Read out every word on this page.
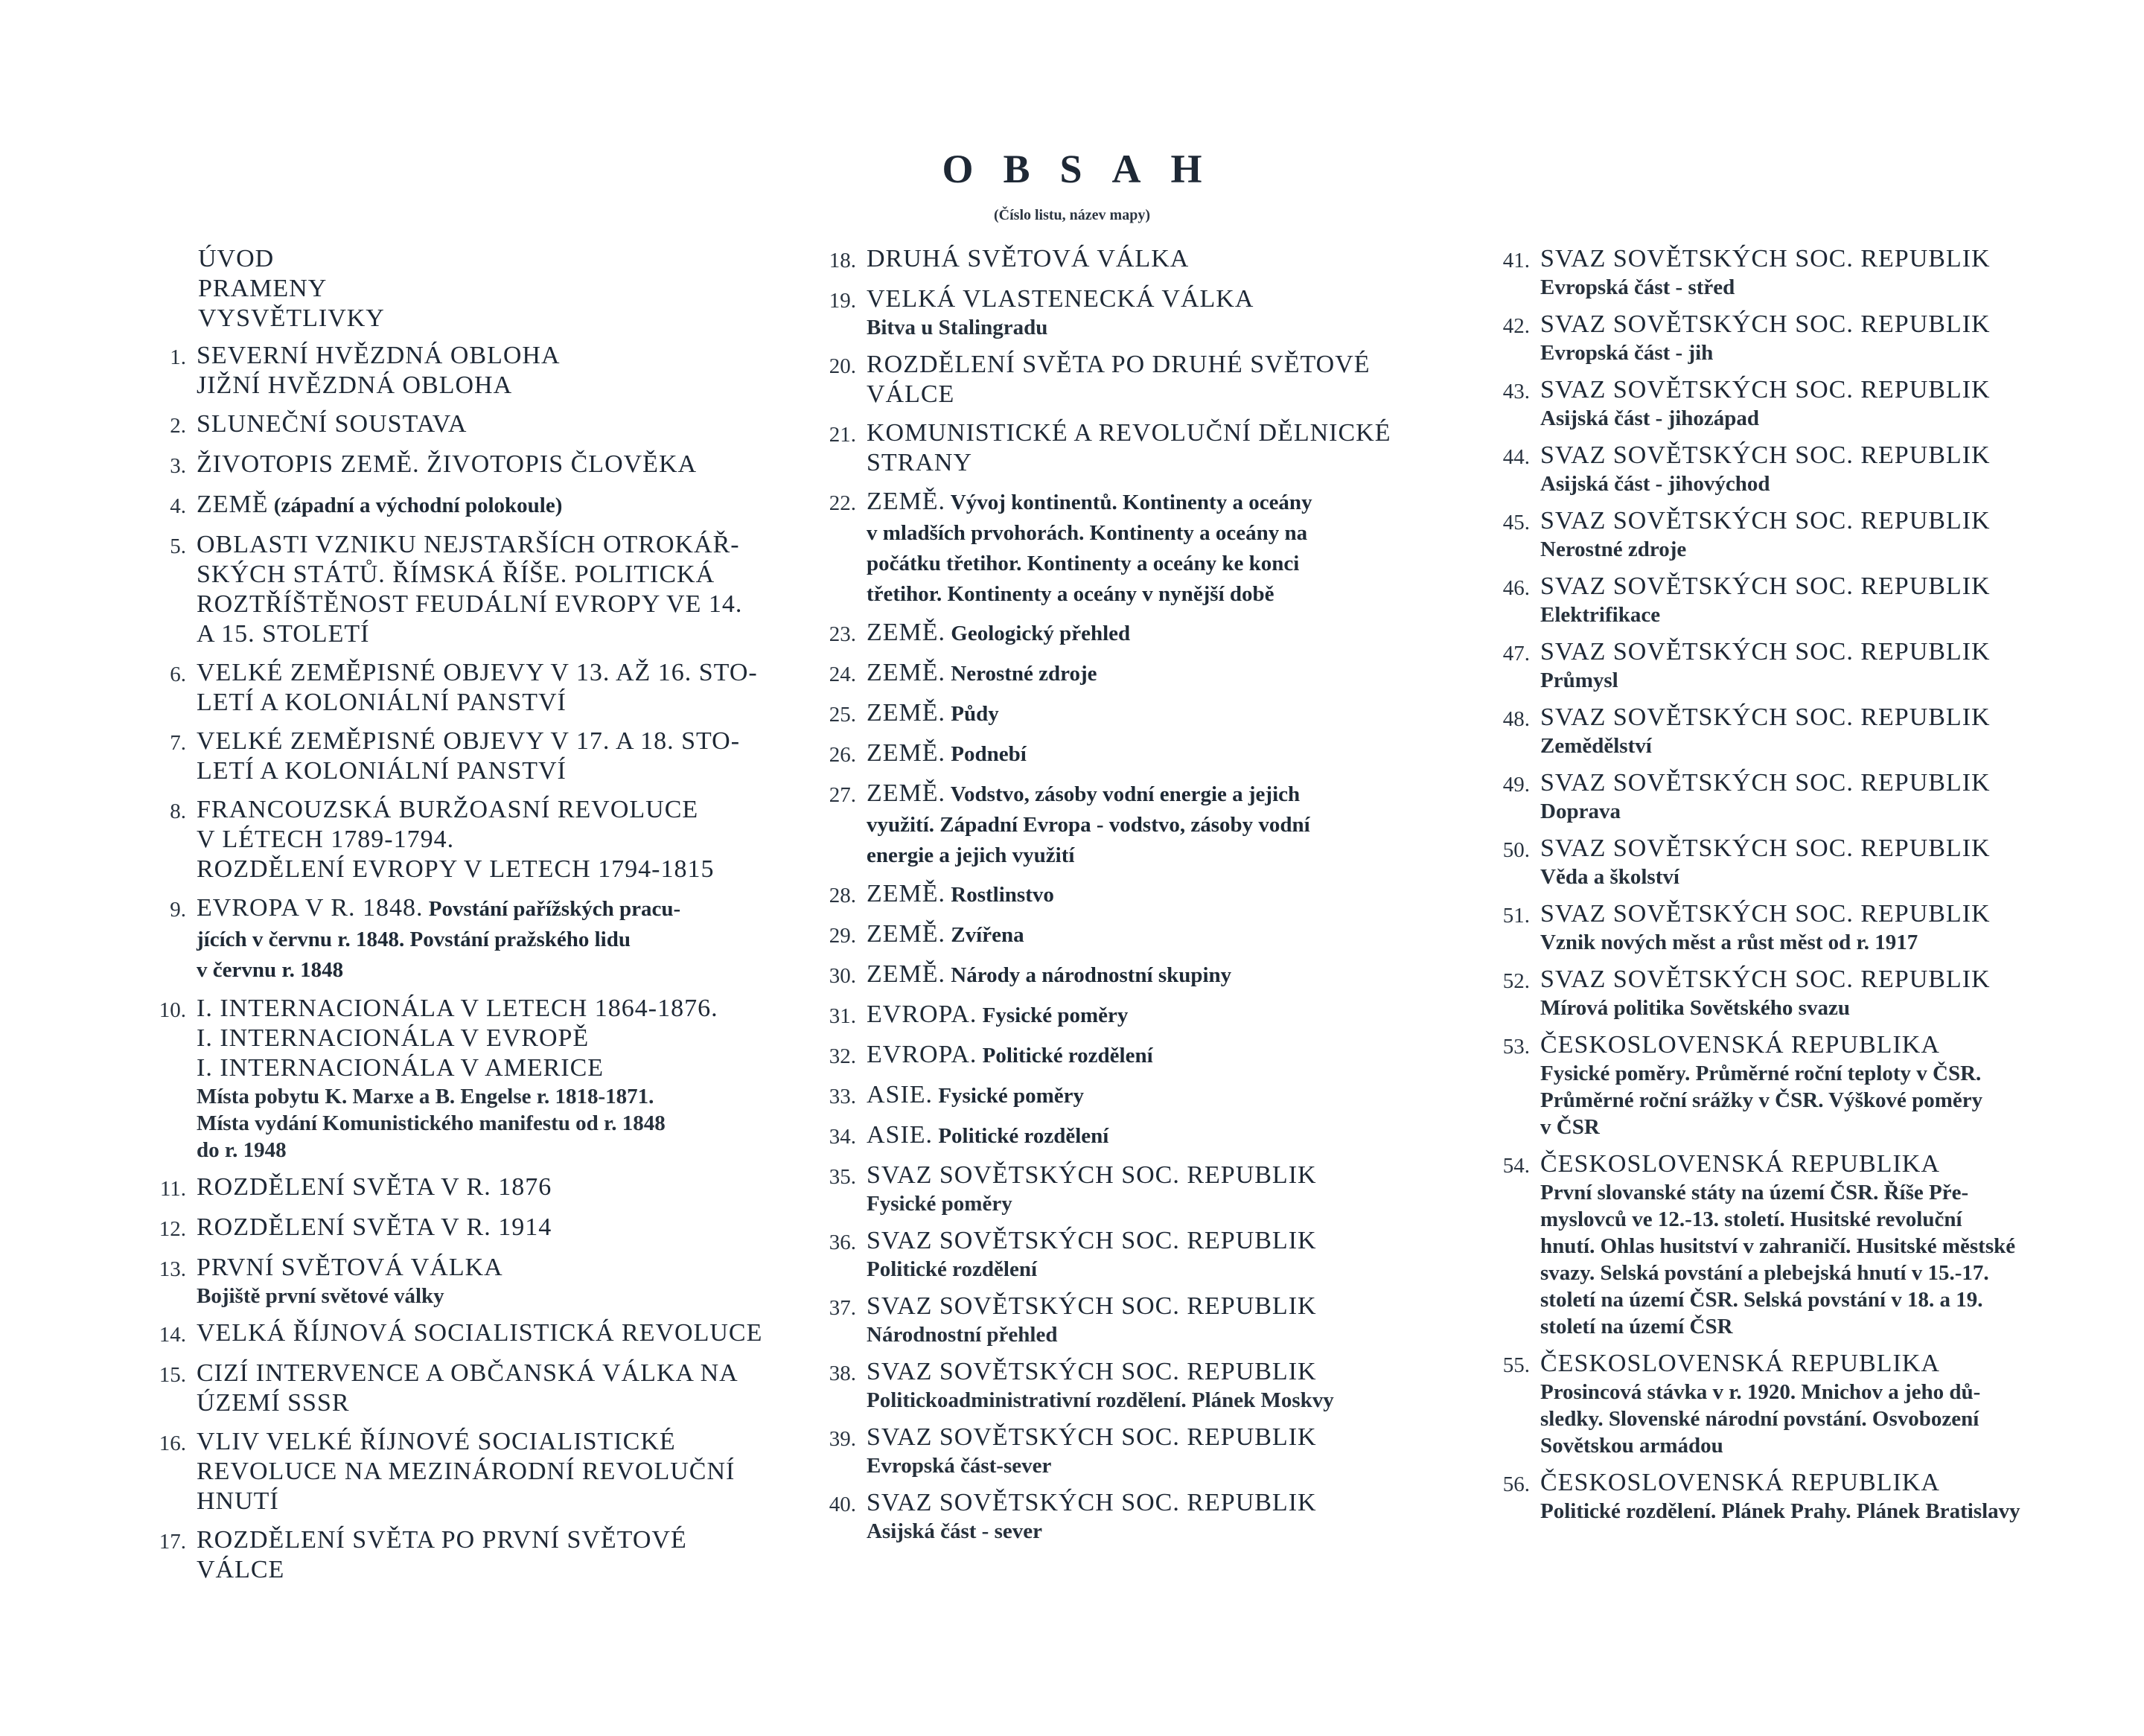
OBSAH
(Číslo listu, název mapy)
ÚVOD
PRAMENY
VYSVĚTLIVKY
1. SEVERNÍ HVĚZDNÁ OBLOHA
JIŽNÍ HVĚZDNÁ OBLOHA
2. SLUNEČNÍ SOUSTAVA
3. ŽIVOTOPIS ZEMĚ. ŽIVOTOPIS ČLOVĚKA
4. ZEMĚ (západní a východní polokoule)
5. OBLASTI VZNIKU NEJSTARŠÍCH OTROKÁŘ-
SKÝCH STÁTŮ. ŘÍMSKÁ ŘÍŠE. POLITICKÁ
ROZTŘÍŠTĚNOST FEUDÁLNÍ EVROPY VE 14.
A 15. STOLETÍ
6. VELKÉ ZEMĚPISNÉ OBJEVY V 13. AŽ 16. STO-
LETÍ A KOLONIÁLNÍ PANSTVÍ
7. VELKÉ ZEMĚPISNÉ OBJEVY V 17. A 18. STO-
LETÍ A KOLONIÁLNÍ PANSTVÍ
8. FRANCOUZSKÁ BURŽOASNÍ REVOLUCE
V LÉTECH 1789-1794.
ROZDĚLENÍ EVROPY V LETECH 1794-1815
9. EVROPA V R. 1848. Povstání pařížských pracu-
jících v červnu r. 1848. Povstání pražského lidu
v červnu r. 1848
10. I. INTERNACIONÁLA V LETECH 1864-1876.
I. INTERNACIONÁLA V EVROPĚ
I. INTERNACIONÁLA V AMERICE
Místa pobytu K. Marxe a B. Engelse r. 1818-1871.
Místa vydání Komunistického manifestu od r. 1848
do r. 1948
11. ROZDĚLENÍ SVĚTA V R. 1876
12. ROZDĚLENÍ SVĚTA V R. 1914
13. PRVNÍ SVĚTOVÁ VÁLKA
Bojiště první světové války
14. VELKÁ ŘÍJNOVÁ SOCIALISTICKÁ REVOLUCE
15. CIZÍ INTERVENCE A OBČANSKÁ VÁLKA NA
ÚZEMÍ SSSR
16. VLIV VELKÉ ŘÍJNOVÉ SOCIALISTICKÉ
REVOLUCE NA MEZINÁRODNÍ REVOLUČNÍ
HNUTÍ
17. ROZDĚLENÍ SVĚTA PO PRVNÍ SVĚTOVÉ
VÁLCE
18. DRUHÁ SVĚTOVÁ VÁLKA
19. VELKÁ VLASTENECKÁ VÁLKA
Bitva u Stalingradu
20. ROZDĚLENÍ SVĚTA PO DRUHÉ SVĚTOVÉ
VÁLCE
21. KOMUNISTICKÉ A REVOLUČNÍ DĚLNICKÉ
STRANY
22. ZEMĚ. Vývoj kontinentů. Kontinenty a oceány
v mladších prvohorách. Kontinenty a oceány na
počátku třetihor. Kontinenty a oceány ke konci
třetihor. Kontinenty a oceány v nynější době
23. ZEMĚ. Geologický přehled
24. ZEMĚ. Nerostné zdroje
25. ZEMĚ. Půdy
26. ZEMĚ. Podnebí
27. ZEMĚ. Vodstvo, zásoby vodní energie a jejich
využití. Západní Evropa - vodstvo, zásoby vodní
energie a jejich využití
28. ZEMĚ. Rostlinstvo
29. ZEMĚ. Zvířena
30. ZEMĚ. Národy a národnostní skupiny
31. EVROPA. Fysické poměry
32. EVROPA. Politické rozdělení
33. ASIE. Fysické poměry
34. ASIE. Politické rozdělení
35. SVAZ SOVĚTSKÝCH SOC. REPUBLIK
Fysické poměry
36. SVAZ SOVĚTSKÝCH SOC. REPUBLIK
Politické rozdělení
37. SVAZ SOVĚTSKÝCH SOC. REPUBLIK
Národnostní přehled
38. SVAZ SOVĚTSKÝCH SOC. REPUBLIK
Politickoadministrativní rozdělení. Plánek Moskvy
39. SVAZ SOVĚTSKÝCH SOC. REPUBLIK
Evropská část-sever
40. SVAZ SOVĚTSKÝCH SOC. REPUBLIK
Asijská část - sever
41. SVAZ SOVĚTSKÝCH SOC. REPUBLIK
Evropská část - střed
42. SVAZ SOVĚTSKÝCH SOC. REPUBLIK
Evropská část - jih
43. SVAZ SOVĚTSKÝCH SOC. REPUBLIK
Asijská část - jihozápad
44. SVAZ SOVĚTSKÝCH SOC. REPUBLIK
Asijská část - jihovýchod
45. SVAZ SOVĚTSKÝCH SOC. REPUBLIK
Nerostné zdroje
46. SVAZ SOVĚTSKÝCH SOC. REPUBLIK
Elektrifikace
47. SVAZ SOVĚTSKÝCH SOC. REPUBLIK
Průmysl
48. SVAZ SOVĚTSKÝCH SOC. REPUBLIK
Zemědělství
49. SVAZ SOVĚTSKÝCH SOC. REPUBLIK
Doprava
50. SVAZ SOVĚTSKÝCH SOC. REPUBLIK
Věda a školství
51. SVAZ SOVĚTSKÝCH SOC. REPUBLIK
Vznik nových měst a růst měst od r. 1917
52. SVAZ SOVĚTSKÝCH SOC. REPUBLIK
Mírová politika Sovětského svazu
53. ČESKOSLOVENSKÁ REPUBLIKA
Fysické poměry. Průměrné roční teploty v ČSR.
Průměrné roční srážky v ČSR. Výškové poměry
v ČSR
54. ČESKOSLOVENSKÁ REPUBLIKA
První slovanské státy na území ČSR. Říše Pře-
myslovců ve 12.-13. století. Husitské revoluční
hnutí. Ohlas husitství v zahraničí. Husitské městské
svazy. Selská povstání a plebejská hnutí v 15.-17.
století na území ČSR. Selská povstání v 18. a 19.
století na území ČSR
55. ČESKOSLOVENSKÁ REPUBLIKA
Prosincová stávka v r. 1920. Mnichov a jeho dů-
sledky. Slovenské národní povstání. Osvobození
Sovětskou armádou
56. ČESKOSLOVENSKÁ REPUBLIKA
Politické rozdělení. Plánek Prahy. Plánek Bratislavy
